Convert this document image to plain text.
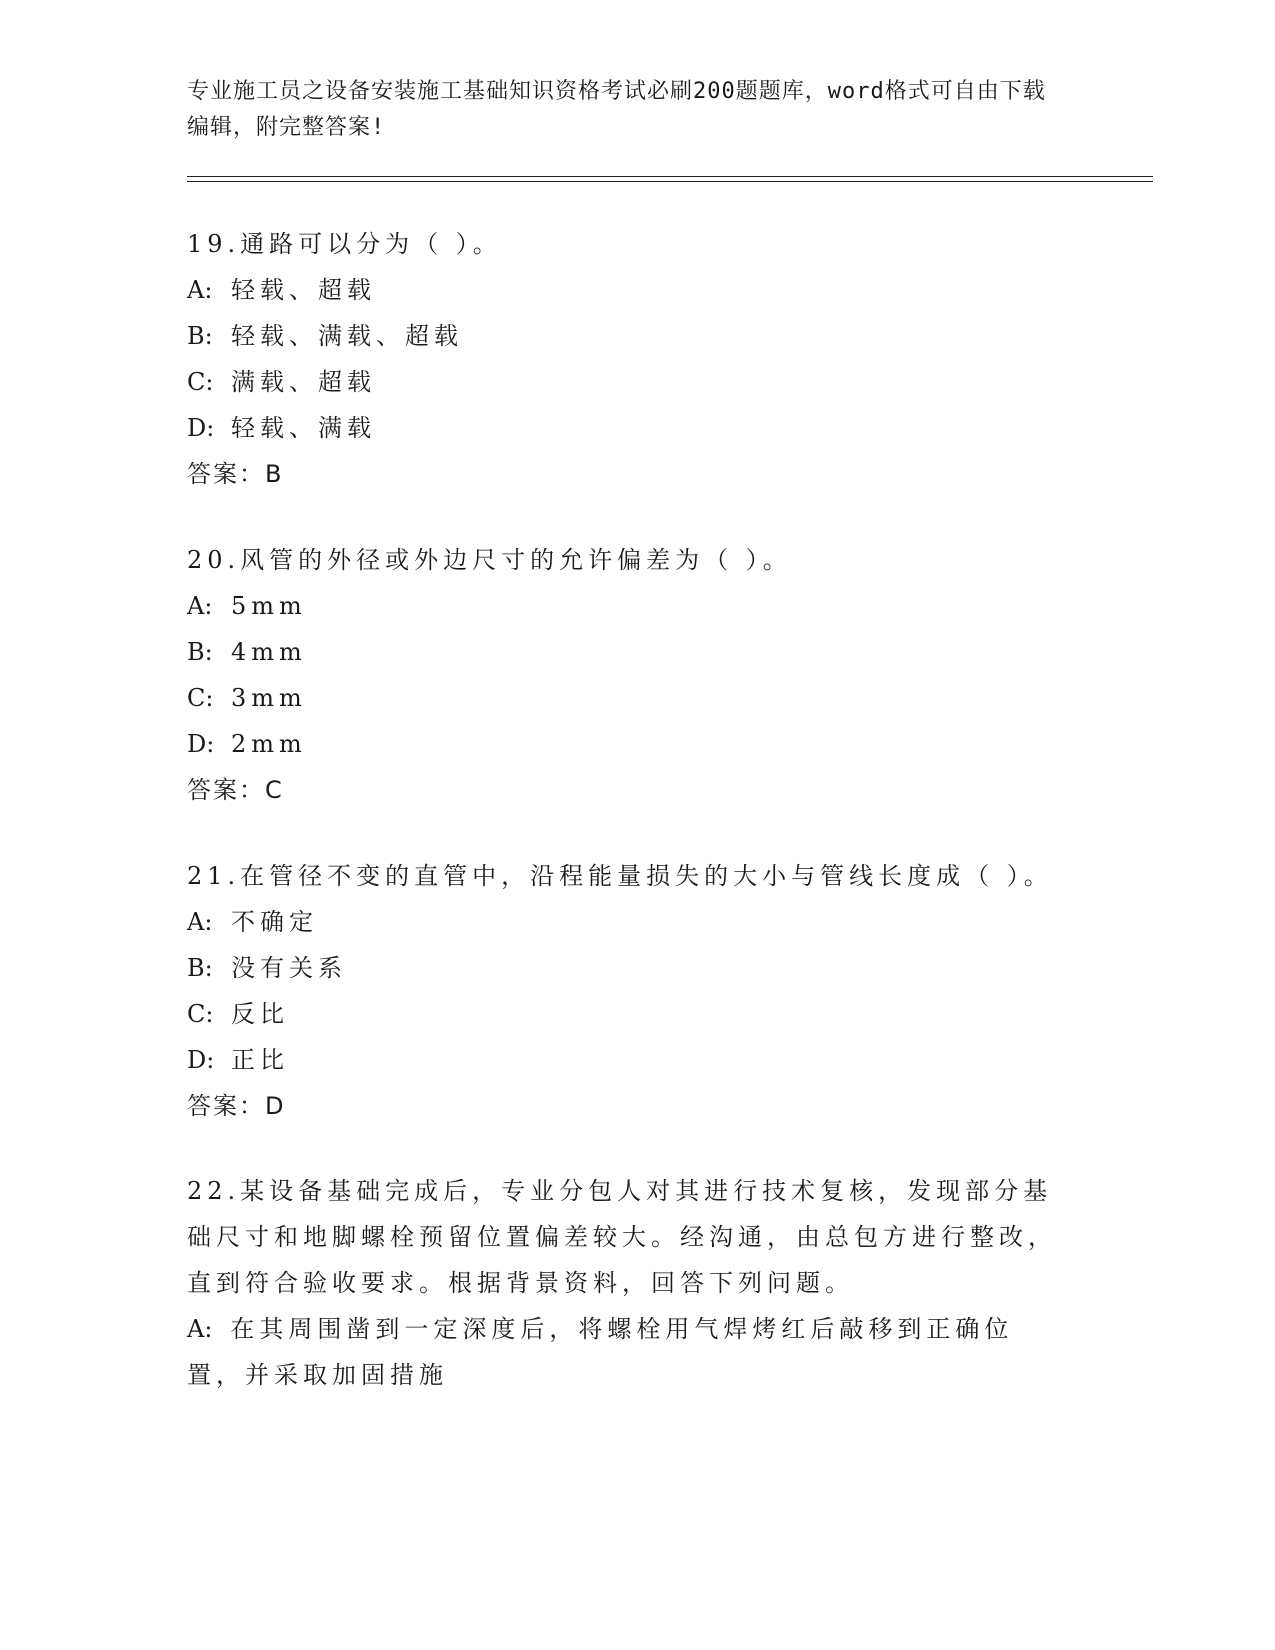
专业施工员之设备安装施工基础知识资格考试必刷200题题库，word格式可自由下载编辑，附完整答案!
19.通路可以分为（ ）。
A: 轻载、超载
B: 轻载、满载、超载
C: 满载、超载
D: 轻载、满载
答案：B
20.风管的外径或外边尺寸的允许偏差为（ ）。
A: 5mm
B: 4mm
C: 3mm
D: 2mm
答案：C
21.在管径不变的直管中，沿程能量损失的大小与管线长度成（ ）。
A: 不确定
B: 没有关系
C: 反比
D: 正比
答案：D
22.某设备基础完成后，专业分包人对其进行技术复核，发现部分基础尺寸和地脚螺栓预留位置偏差较大。经沟通，由总包方进行整改，直到符合验收要求。根据背景资料，回答下列问题。
A: 在其周围凿到一定深度后，将螺栓用气焊烤红后敲移到正确位置，并采取加固措施
